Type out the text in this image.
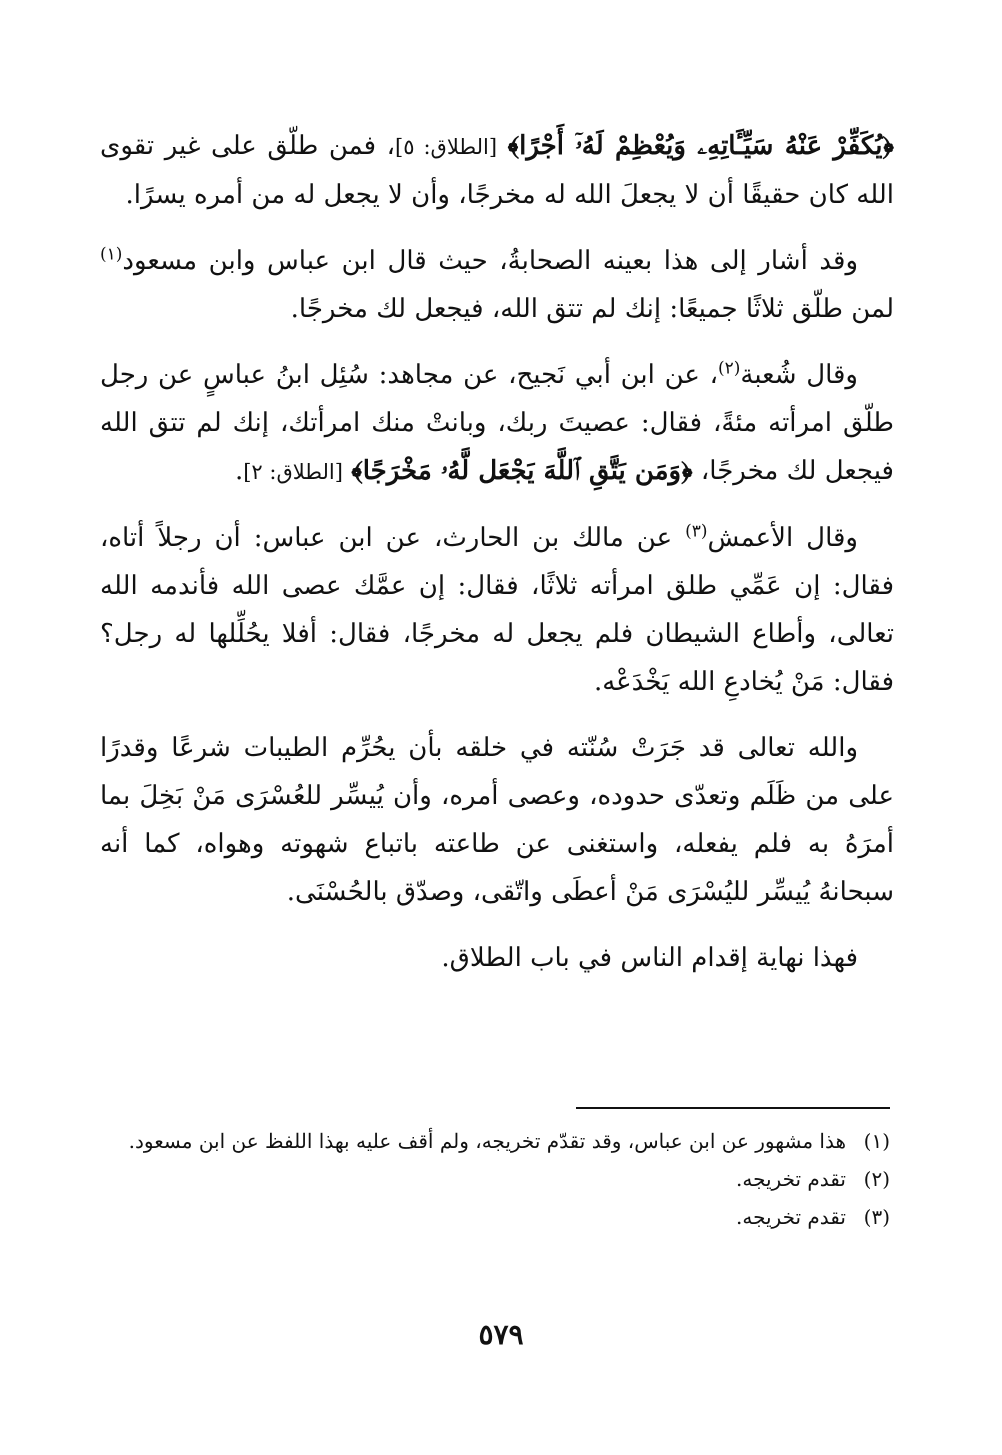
﴿يُكَفِّرْ عَنْهُ سَيِّـَٔاتِهِۦ وَيُعْظِمْ لَهُۥٓ أَجْرًا﴾ [الطلاق: ٥]، فمن طلّق على غير تقوى الله كان حقيقًا أن لا يجعلَ الله له مخرجًا، وأن لا يجعل له من أمره يسرًا.

وقد أشار إلى هذا بعينه الصحابةُ، حيث قال ابن عباس وابن مسعود$^{(١)}$ لمن طلّق ثلاثًا جميعًا: إنك لم تتق الله، فيجعل لك مخرجًا.

وقال شُعبة$^{(٢)}$، عن ابن أبي نَجيح، عن مجاهد: سُئِل ابنُ عباسٍ عن رجل طلّق امرأته مئةً، فقال: عصيتَ ربك، وبانتْ منك امرأتك، إنك لم تتق الله فيجعل لك مخرجًا، ﴿وَمَن يَتَّقِ ٱللَّهَ يَجْعَل لَّهُۥ مَخْرَجًا﴾ [الطلاق: ٢].

وقال الأعمش$^{(٣)}$ عن مالك بن الحارث، عن ابن عباس: أن رجلاً أتاه، فقال: إن عَمِّي طلق امرأته ثلاثًا، فقال: إن عمَّك عصى الله فأندمه الله تعالى، وأطاع الشيطان فلم يجعل له مخرجًا، فقال: أفلا يحُلِّلها له رجل؟ فقال: مَنْ يُخادعِ الله يَخْدَعْه.

والله تعالى قد جَرَتْ سُنّته في خلقه بأن يحُرِّم الطيبات شرعًا وقدرًا على من ظَلَم وتعدّى حدوده، وعصى أمره، وأن يُيسِّر للعُسْرَى مَنْ بَخِلَ بما أمرَهُ به فلم يفعله، واستغنى عن طاعته باتباع شهوته وهواه، كما أنه سبحانهُ يُيسِّر لليُسْرَى مَنْ أعطَى واتّقى، وصدّق بالحُسْنَى.

فهذا نهاية إقدام الناس في باب الطلاق.

(١)
هذا مشهور عن ابن عباس، وقد تقدّم تخريجه، ولم أقف عليه بهذا اللفظ عن ابن مسعود.
(٢)
تقدم تخريجه.
(٣)
تقدم تخريجه.
٥٧٩
